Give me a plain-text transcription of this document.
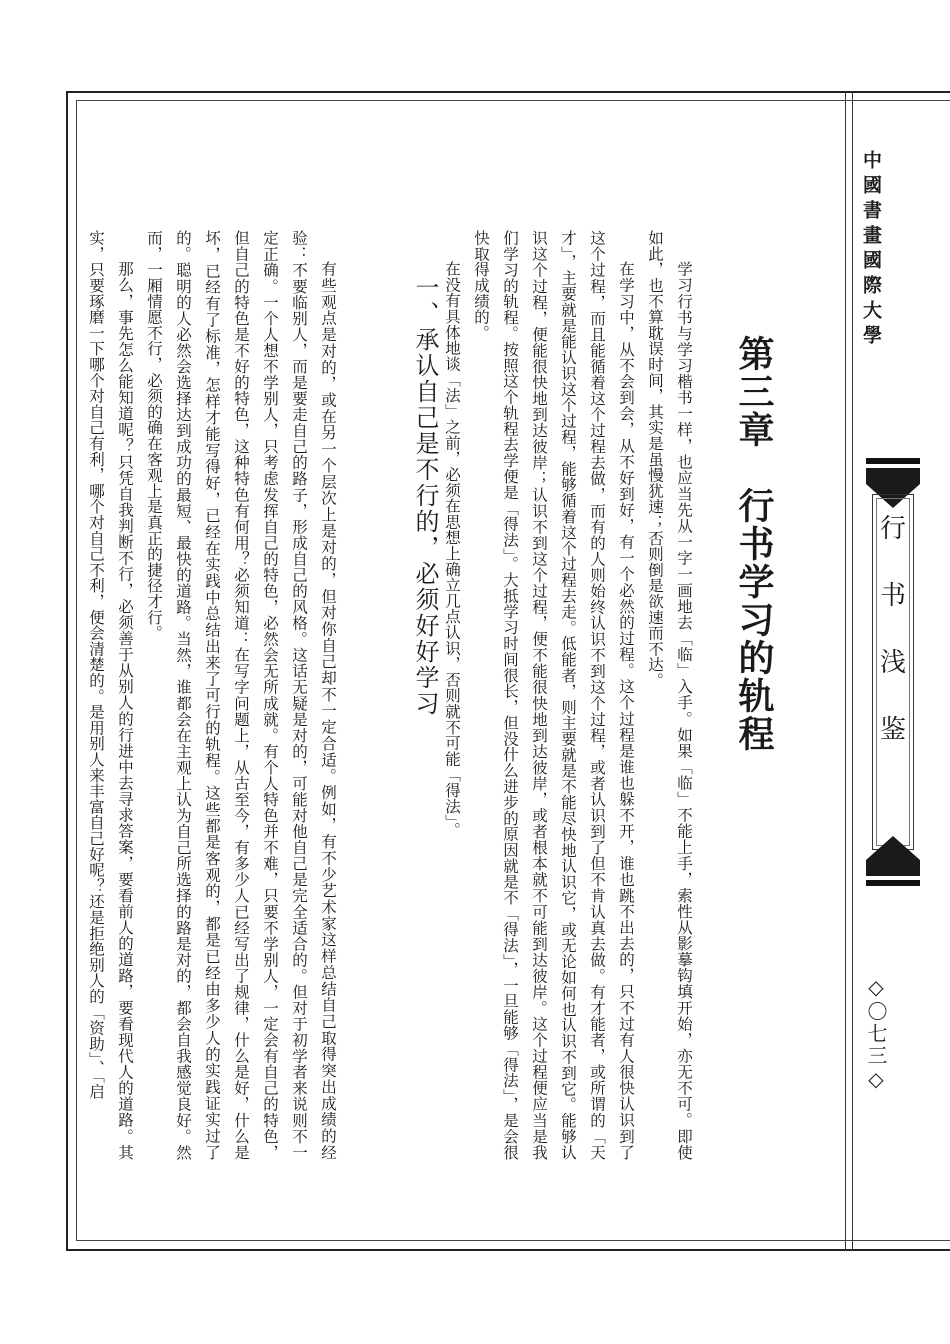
中國書畫國際大學
行
书
浅
鉴
◇〇七三◇
第三章行书学习的轨程
一、承认自己是不行的，必须好好学习	学习行书与学习楷书一样，也应当先从一字一画地去「临」入手。如果「临」不能上手，索性从影摹钩填开始，亦无不可。即使如此，也不算耽误时间，其实是虽慢犹速；否则倒是欲速而不达。

在学习中，从不会到会，从不好到好，有一个必然的过程。这个过程是谁也躲不开，谁也跳不出去的，只不过有人很快认识到了这个过程，而且能循着这个过程去做，而有的人则始终认识不到这个过程，或者认识到了但不肯认真去做。有才能者，或所谓的「天才」，主要就是能认识这个过程，能够循着这个过程去走。低能者，则主要就是不能尽快地认识它，或无论如何也认识不到它。能够认识这个过程，便能很快地到达彼岸；认识不到这个过程，便不能很快地到达彼岸，或者根本就不可能到达彼岸。这个过程便应当是我们学习的轨程。按照这个轨程去学便是「得法」。大抵学习时间很长，但没什么进步的原因就是不「得法」，一旦能够「得法」，是会很快取得成绩的。

在没有具体地谈「法」之前，必须在思想上确立几点认识，否则就不可能「得法」。

有些观点是对的，或在另一个层次上是对的，但对你自己却不一定合适。例如，有不少艺术家这样总结自己取得突出成绩的经验：不要临别人，而是要走自己的路子，形成自己的风格。这话无疑是对的，可能对他自己是完全适合的。但对于初学者来说则不一定正确。一个人想不学别人，只考虑发挥自己的特色，必然会无所成就。有个人特色并不难，只要不学别人，一定会有自己的特色，但自己的特色是不好的特色，这种特色有何用？必须知道：在写字问题上，从古至今，有多少人已经写出了规律，什么是好，什么是坏，已经有了标准，怎样才能写得好，已经在实践中总结出来了可行的轨程。这些都是客观的，都是已经由多少人的实践证实过了的。聪明的人必然会选择达到成功的最短、最快的道路。当然，谁都会在主观上认为自己所选择的路是对的，都会自我感觉良好。然而，一厢情愿不行，必须的确在客观上是真正的捷径才行。

那么，事先怎么能知道呢？只凭自我判断不行，必须善于从别人的行进中去寻求答案，要看前人的道路，要看现代人的道路。其实，只要琢磨一下哪个对自己有利，哪个对自己不利，便会清楚的。是用别人来丰富自己好呢？还是拒绝别人的「资助」、「启
